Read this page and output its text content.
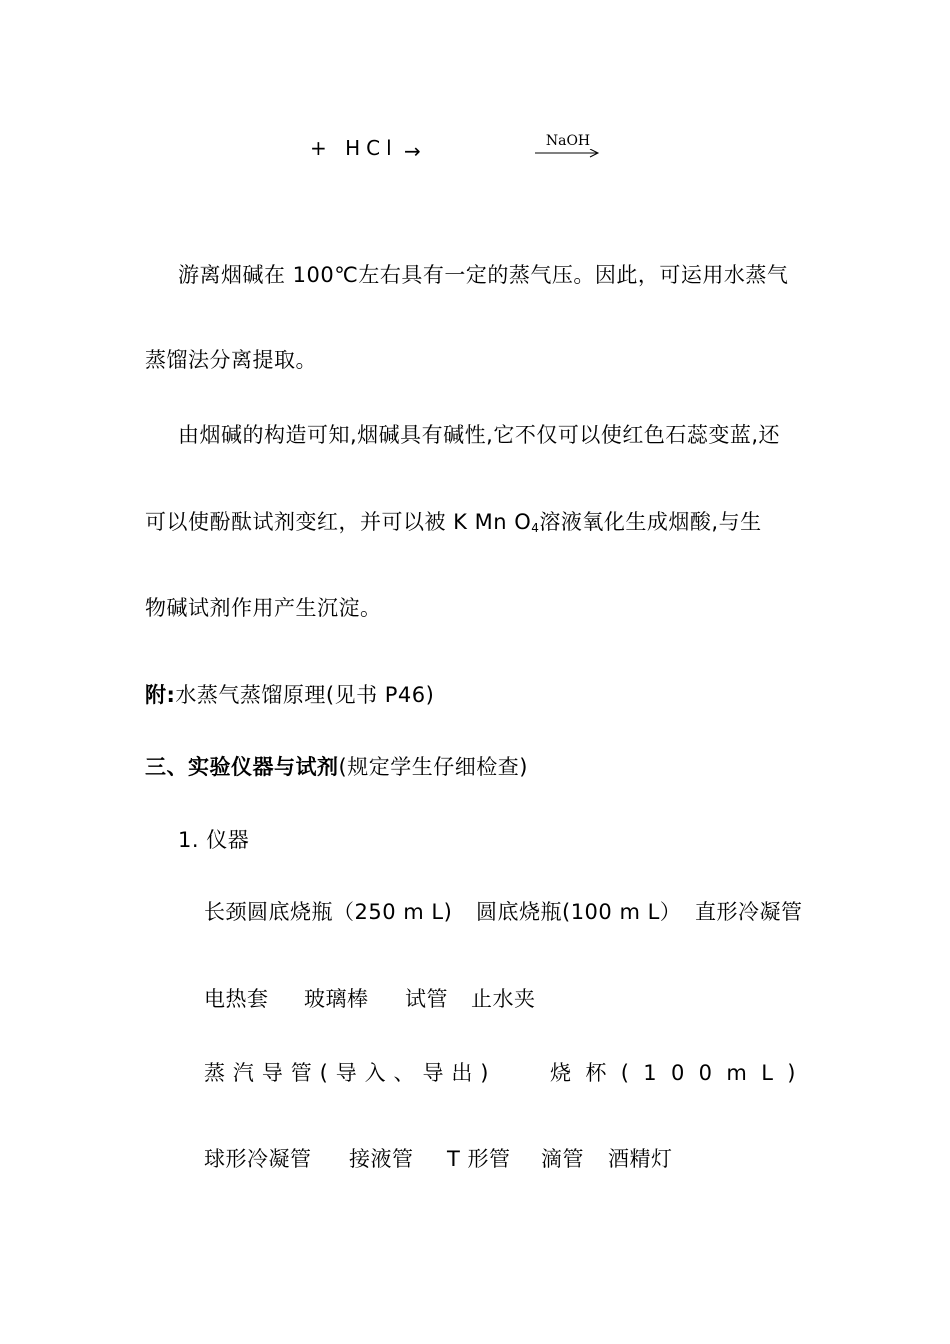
+ HCl →	NaOH
游离烟碱在 100℃左右具有一定的蒸气压。因此，可运用水蒸气
蒸馏法分离提取。
由烟碱的构造可知,烟碱具有碱性,它不仅可以使红色石蕊变蓝,还
可以使酚酞试剂变红，并可以被 K Mn $O_4$溶液氧化生成烟酸,与生
物碱试剂作用产生沉淀。
附:水蒸气蒸馏原理(见书 P46)
三、实验仪器与试剂(规定学生仔细检查)
1. 仪器
长颈圆底烧瓶（250 m L) 圆底烧瓶(100 m L） 直形冷凝管
电热套 玻璃棒 试管 止水夹
蒸 汽 导 管 ( 导 入 、 导 出 )	烧 杯 ( 1 0 0 m L )
球形冷凝管 接液管 T 形管 滴管 酒精灯
